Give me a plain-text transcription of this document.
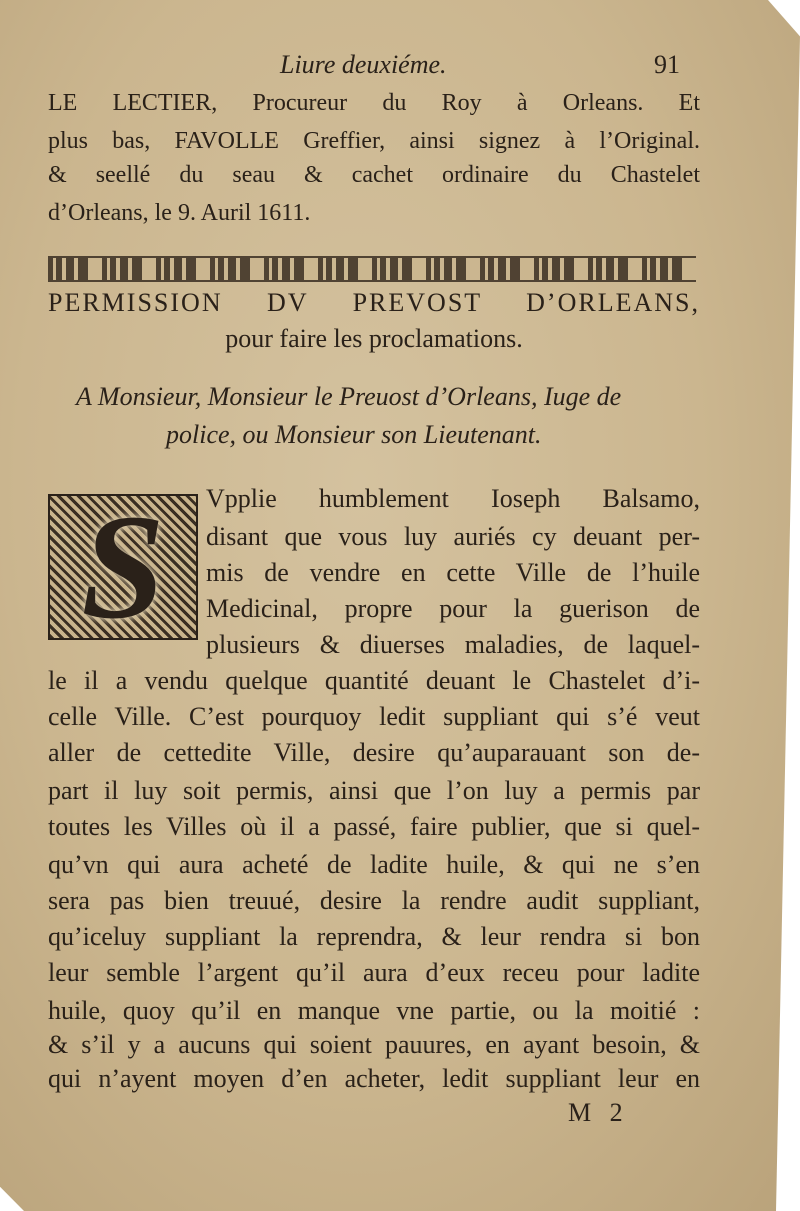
Liure deuxiéme.	91
LE LECTIER, Procureur du Roy à Orleans. Et
plus bas, FAVOLLE Greffier, ainsi signez à l’Original.
& seellé du seau & cachet ordinaire du Chastelet
d’Orleans, le 9. Auril 1611.
PERMISSION DV PREVOST D’ORLEANS,
pour faire les proclamations.
A Monsieur, Monsieur le Preuost d’Orleans, Iuge de
police, ou Monsieur son Lieutenant.
S	Vpplie humblement Ioseph Balsamo,
disant que vous luy auriés cy deuant per-
mis de vendre en cette Ville de l’huile
Medicinal, propre pour la guerison de
plusieurs & diuerses maladies, de laquel-
le il a vendu quelque quantité deuant le Chastelet d’i-
celle Ville. C’est pourquoy ledit suppliant qui s’é veut
aller de cettedite Ville, desire qu’auparauant son de-
part il luy soit permis, ainsi que l’on luy a permis par
toutes les Villes où il a passé, faire publier, que si quel-
qu’vn qui aura acheté de ladite huile, & qui ne s’en
sera pas bien treuué, desire la rendre audit suppliant,
qu’iceluy suppliant la reprendra, & leur rendra si bon
leur semble l’argent qu’il aura d’eux receu pour ladite
huile, quoy qu’il en manque vne partie, ou la moitié :
& s’il y a aucuns qui soient pauures, en ayant besoin, &
qui n’ayent moyen d’en acheter, ledit suppliant leur en
M 2
